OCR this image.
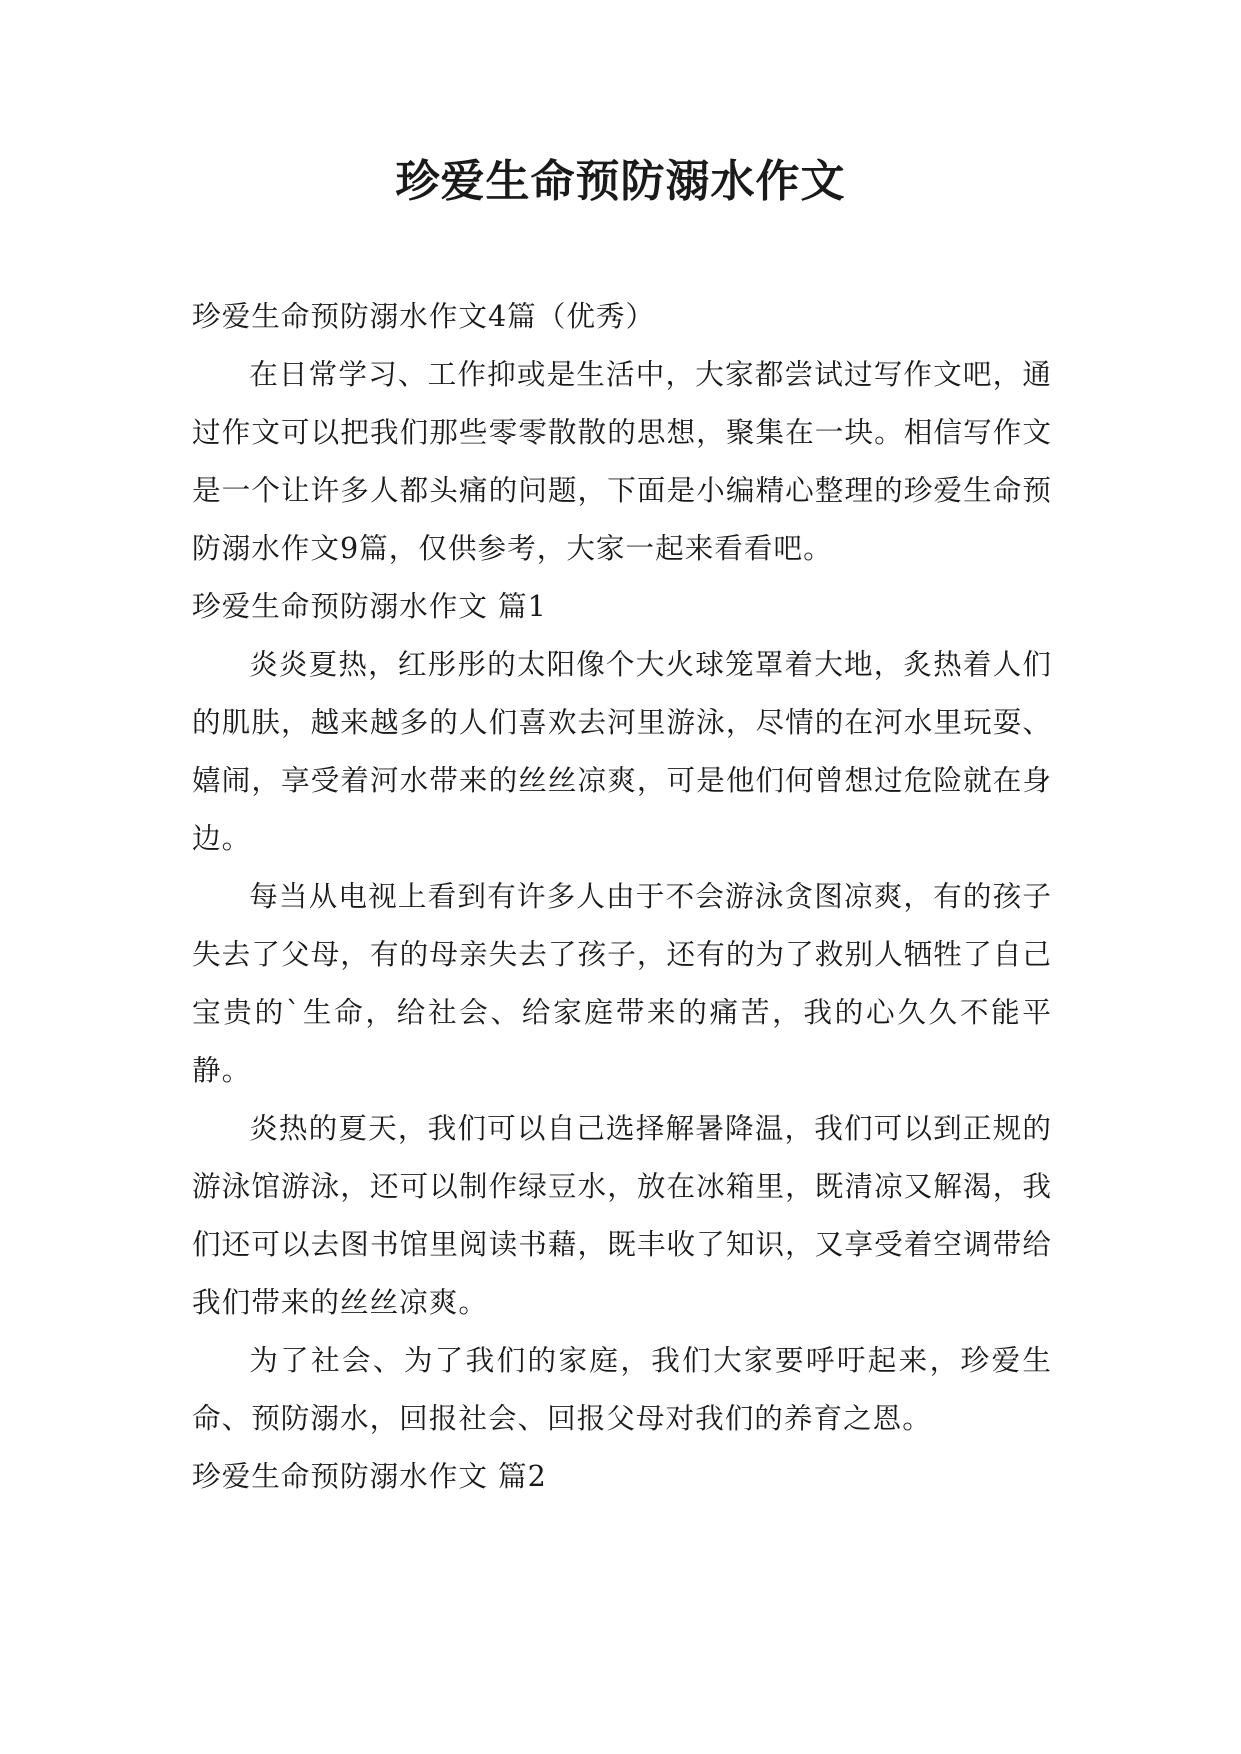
珍爱生命预防溺水作文

珍爱生命预防溺水作文4篇（优秀）

在日常学习、工作抑或是生活中，大家都尝试过写作文吧，通过作文可以把我们那些零零散散的思想，聚集在一块。相信写作文是一个让许多人都头痛的问题，下面是小编精心整理的珍爱生命预防溺水作文9篇，仅供参考，大家一起来看看吧。

珍爱生命预防溺水作文 篇1

炎炎夏热，红彤彤的太阳像个大火球笼罩着大地，炙热着人们的肌肤，越来越多的人们喜欢去河里游泳，尽情的在河水里玩耍、嬉闹，享受着河水带来的丝丝凉爽，可是他们何曾想过危险就在身边。

每当从电视上看到有许多人由于不会游泳贪图凉爽，有的孩子失去了父母，有的母亲失去了孩子，还有的为了救别人牺牲了自己宝贵的`生命，给社会、给家庭带来的痛苦，我的心久久不能平静。

炎热的夏天，我们可以自己选择解暑降温，我们可以到正规的游泳馆游泳，还可以制作绿豆水，放在冰箱里，既清凉又解渴，我们还可以去图书馆里阅读书藉，既丰收了知识，又享受着空调带给我们带来的丝丝凉爽。

为了社会、为了我们的家庭，我们大家要呼吁起来，珍爱生命、预防溺水，回报社会、回报父母对我们的养育之恩。

珍爱生命预防溺水作文 篇2
